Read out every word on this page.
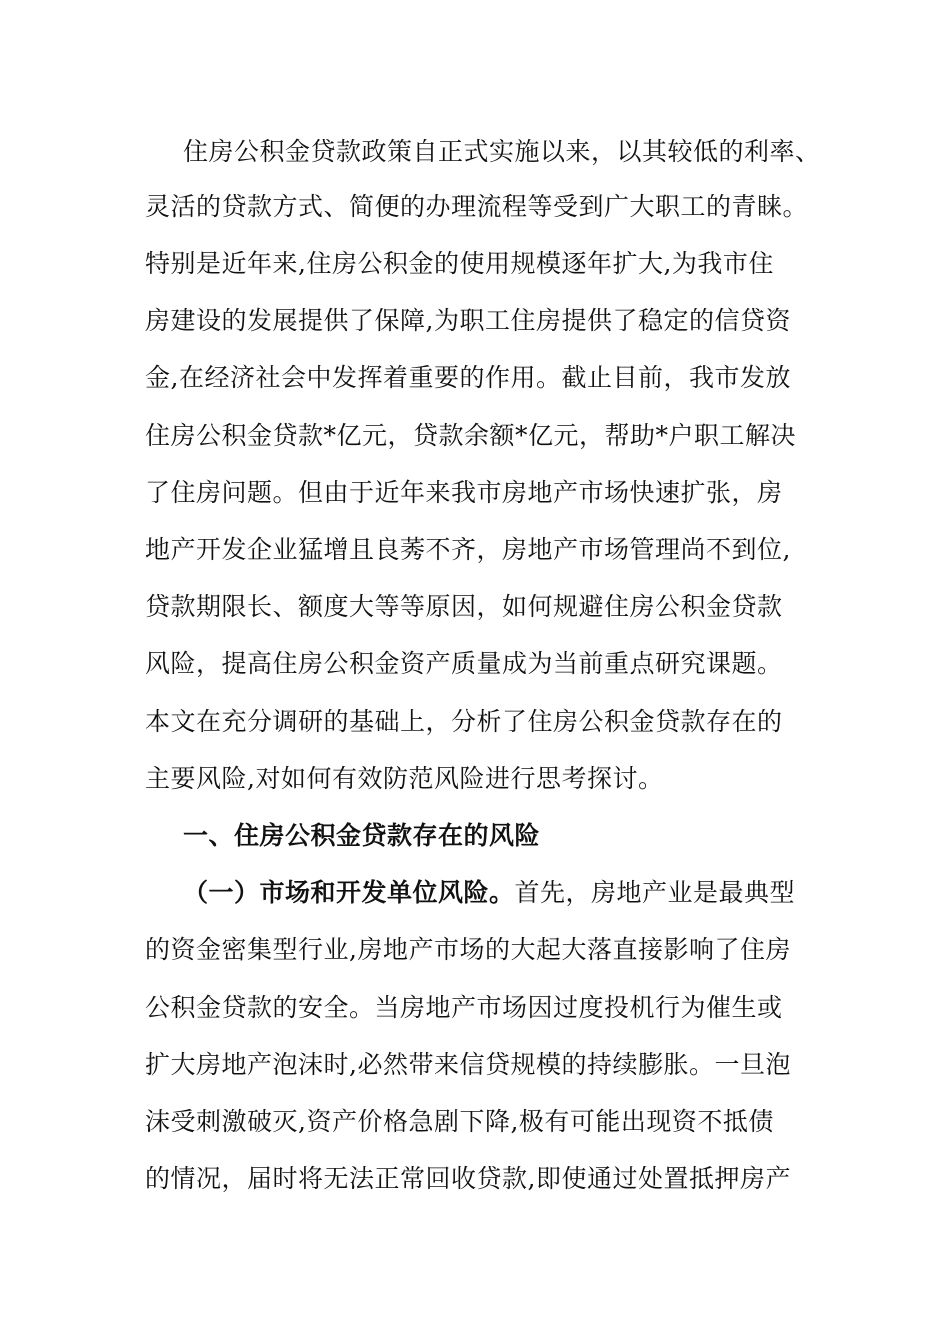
住房公积金贷款政策自正式实施以来，以其较低的利率、
灵活的贷款方式、简便的办理流程等受到广大职工的青睐。
特别是近年来,住房公积金的使用规模逐年扩大,为我市住
房建设的发展提供了保障,为职工住房提供了稳定的信贷资
金,在经济社会中发挥着重要的作用。截止目前，我市发放
住房公积金贷款*亿元，贷款余额*亿元，帮助*户职工解决
了住房问题。但由于近年来我市房地产市场快速扩张，房
地产开发企业猛增且良莠不齐，房地产市场管理尚不到位,
贷款期限长、额度大等等原因，如何规避住房公积金贷款
风险，提高住房公积金资产质量成为当前重点研究课题。
本文在充分调研的基础上，分析了住房公积金贷款存在的
主要风险,对如何有效防范风险进行思考探讨。
一、住房公积金贷款存在的风险
（一）市场和开发单位风险。首先，房地产业是最典型
的资金密集型行业,房地产市场的大起大落直接影响了住房
公积金贷款的安全。当房地产市场因过度投机行为催生或
扩大房地产泡沫时,必然带来信贷规模的持续膨胀。一旦泡
沫受刺激破灭,资产价格急剧下降,极有可能出现资不抵债
的情况，届时将无法正常回收贷款,即使通过处置抵押房产
